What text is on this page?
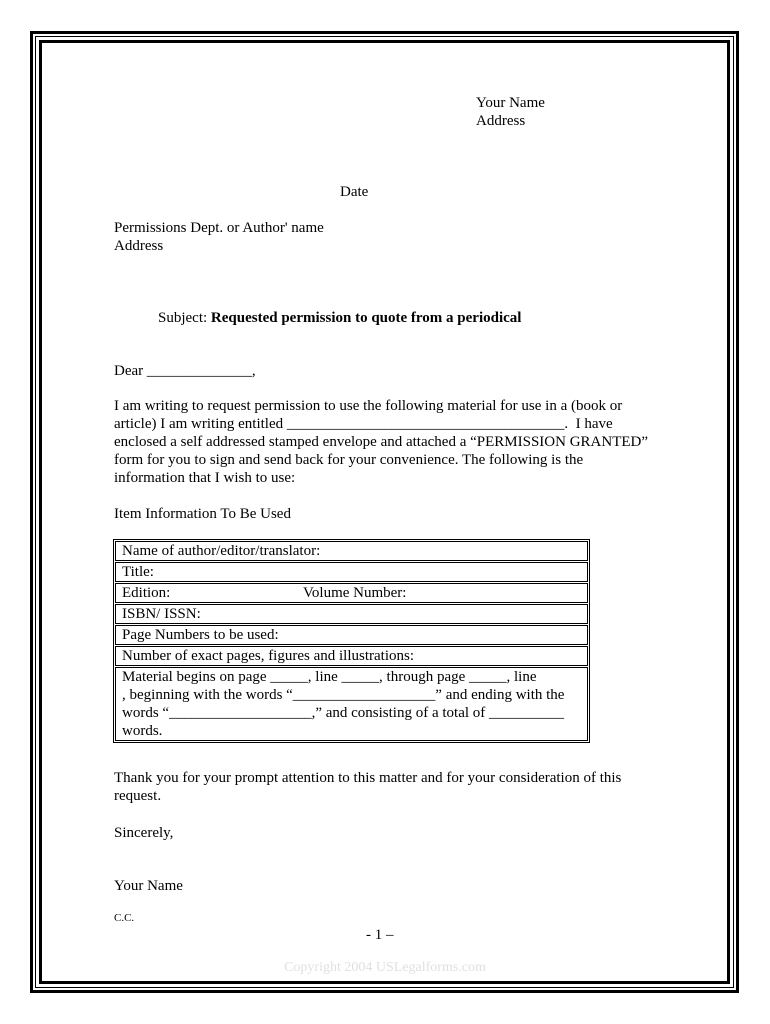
Your Name
Address
Date
Permissions Dept. or Author' name
Address
Subject: Requested permission to quote from a periodical
Dear ______________,
I am writing to request permission to use the following material for use in a (book or
article) I am writing entitled _____________________________________.  I have
enclosed a self addressed stamped envelope and attached a “PERMISSION GRANTED”
form for you to sign and send back for your convenience. The following is the
information that I wish to use:
Item Information To Be Used
Name of author/editor/translator:
Title:
Edition:	Volume Number:
ISBN/ ISSN:
Page Numbers to be used:
Number of exact pages, figures and illustrations:
Material begins on page _____, line _____, through page _____, line
, beginning with the words “___________________” and ending with the
words “___________________,” and consisting of a total of __________
words.
Thank you for your prompt attention to this matter and for your consideration of this
request.
Sincerely,
Your Name
C.C.
- 1 –
Copyright 2004 USLegalforms.com
